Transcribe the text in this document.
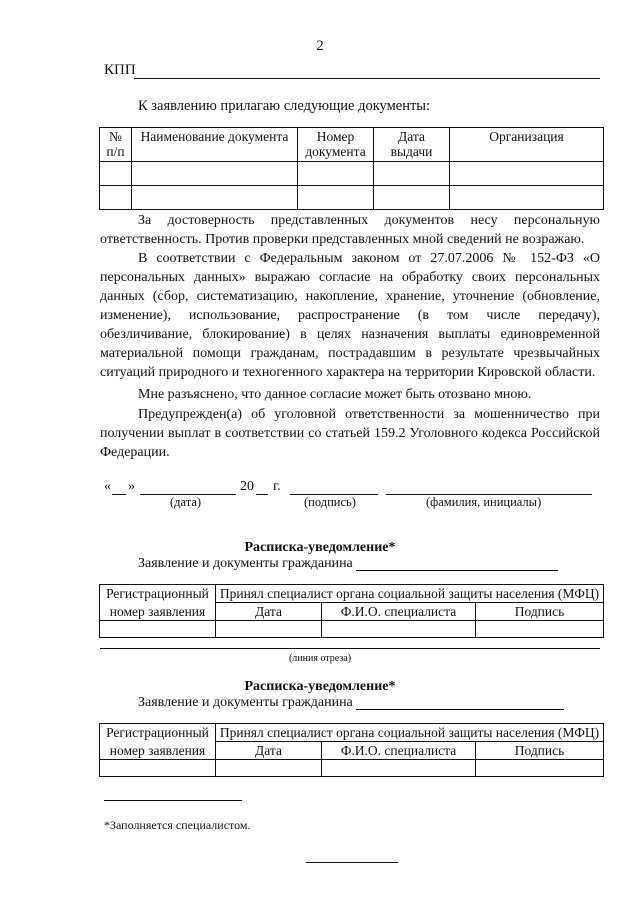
2
КПП
К заявлению прилагаю следующие документы:
№ п/п	Наименование документа	Номер документа	Дата выдачи	Организация

За достоверность представленных документов несу персональную ответственность. Против проверки представленных мной сведений не возражаю.
В соответствии с Федеральным законом от 27.07.2006 № 152-ФЗ «О персональных данных» выражаю согласие на обработку своих персональных данных (сбор, систематизацию, накопление, хранение, уточнение (обновление, изменение), использование, распространение (в том числе передачу), обезличивание, блокирование) в целях назначения выплаты единовременной материальной помощи гражданам, пострадавшим в результате чрезвычайных ситуаций природного и техногенного характера на территории Кировской области.
Мне разъяснено, что данное согласие может быть отозвано мною.
Предупрежден(а) об уголовной ответственности за мошенничество при получении выплат в соответствии со статьей 159.2 Уголовного кодекса Российской Федерации.
« »	20 г.
(дата)	(подпись)	(фамилия, инициалы)
Расписка-уведомление*
Заявление и документы гражданина
Регистрационный	Принял специалист органа социальной защиты населения (МФЦ)		
номер заявления	Дата	Ф.И.О. специалиста	Подпись

(линия отреза)
Расписка-уведомление*
Заявление и документы гражданина
Регистрационный	Принял специалист органа социальной защиты населения (МФЦ)		
номер заявления	Дата	Ф.И.О. специалиста	Подпись

*Заполняется специалистом.
